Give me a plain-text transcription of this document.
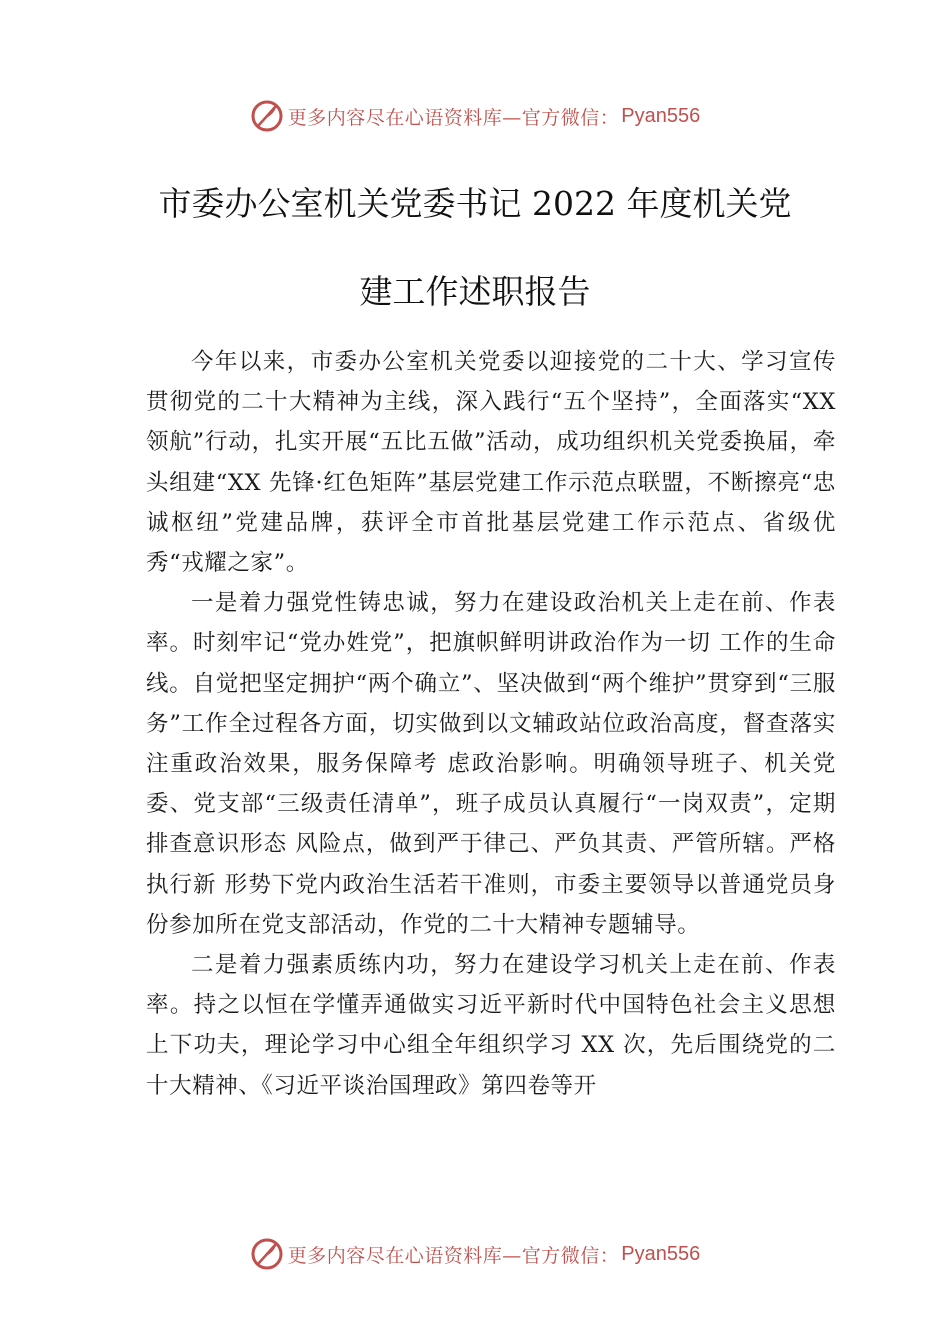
更多内容尽在心语资料库—官方微信： Pyan556
市委办公室机关党委书记 2022 年度机关党
建工作述职报告

今年以来，市委办公室机关党委以迎接党的二十大、学习宣传贯彻党的二十大精神为主线，深入践行“五个坚持”，全面落实“XX 领航”行动，扎实开展“五比五做”活动，成功组织机关党委换届，牵头组建“XX 先锋·红色矩阵”基层党建工作示范点联盟，不断擦亮“忠诚枢纽”党建品牌，获评全市首批基层党建工作示范点、省级优秀“戎耀之家”。

一是着力强党性铸忠诚，努力在建设政治机关上走在前、作表率。时刻牢记“党办姓党”，把旗帜鲜明讲政治作为一切 工作的生命线。自觉把坚定拥护“两个确立”、坚决做到“两个维护”贯穿到“三服务”工作全过程各方面，切实做到以文辅政站位政治高度，督查落实注重政治效果，服务保障考 虑政治影响。明确领导班子、机关党委、党支部“三级责任清单”，班子成员认真履行“一岗双责”，定期排查意识形态 风险点，做到严于律己、严负其责、严管所辖。严格执行新 形势下党内政治生活若干准则，市委主要领导以普通党员身 份参加所在党支部活动，作党的二十大精神专题辅导。

二是着力强素质练内功，努力在建设学习机关上走在前、作表率。持之以恒在学懂弄通做实习近平新时代中国特色社会主义思想上下功夫，理论学习中心组全年组织学习 XX 次，先后围绕党的二十大精神、《习近平谈治国理政》第四卷等开

更多内容尽在心语资料库—官方微信： Pyan556
